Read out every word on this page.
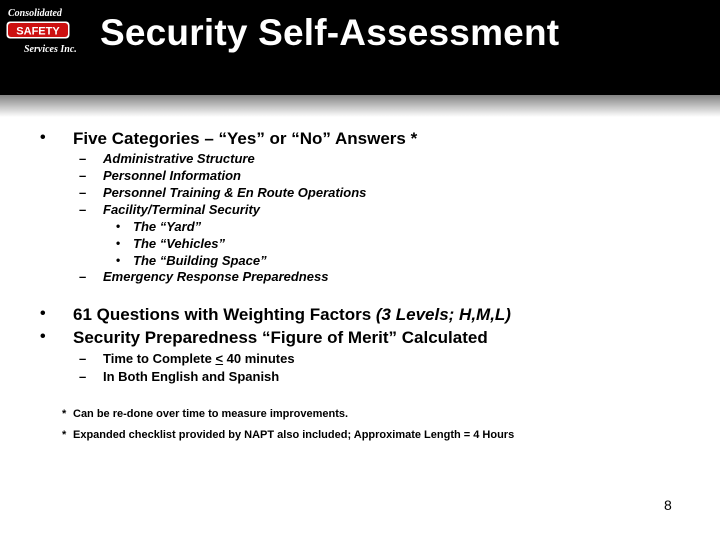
Consolidated
SAFETY
Services Inc. Security Self-Assessment
• Five Categories – “Yes” or “No” Answers *
– Administrative Structure
– Personnel Information
– Personnel Training & En Route Operations
– Facility/Terminal Security
• The “Yard”
• The “Vehicles”
• The “Building Space”
– Emergency Response Preparedness
• 61 Questions with Weighting Factors (3 Levels; H,M,L)
• Security Preparedness “Figure of Merit” Calculated
– Time to Complete ≤ 40 minutes
– In Both English and Spanish
* Can be re-done over time to measure improvements.
* Expanded checklist provided by NAPT also included; Approximate Length = 4 Hours
8
